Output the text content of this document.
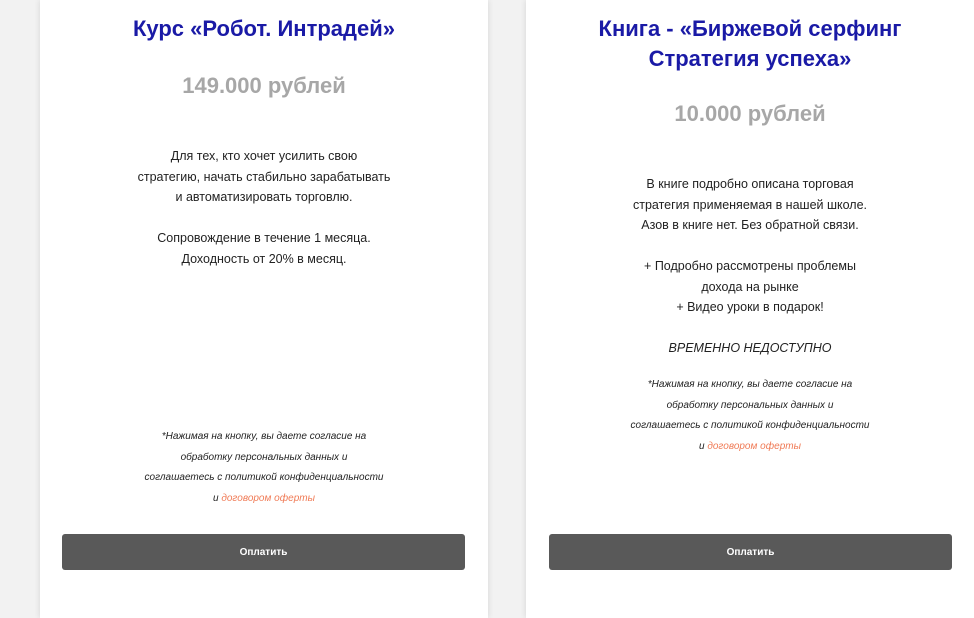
Курс «Робот. Интрадей»
149.000 рублей
Для тех, кто хочет усилить свою
стратегию, начать стабильно зарабатывать
и автоматизировать торговлю.
Сопровождение в течение 1 месяца.
Доходность от 20% в месяц.
*Нажимая на кнопку, вы даете согласие на
обработку персональных данных и
соглашаетесь с политикой конфиденциальности
и договором оферты
Оплатить
Книга - «Биржевой серфинг
Стратегия успеха»
10.000 рублей
В книге подробно описана торговая
стратегия применяемая в нашей школе.
Азов в книге нет. Без обратной связи.
+ Подробно рассмотрены проблемы
дохода на рынке
+ Видео уроки в подарок!
ВРЕМЕННО НЕДОСТУПНО
*Нажимая на кнопку, вы даете согласие на
обработку персональных данных и
соглашаетесь с политикой конфиденциальности
и договором оферты
Оплатить
